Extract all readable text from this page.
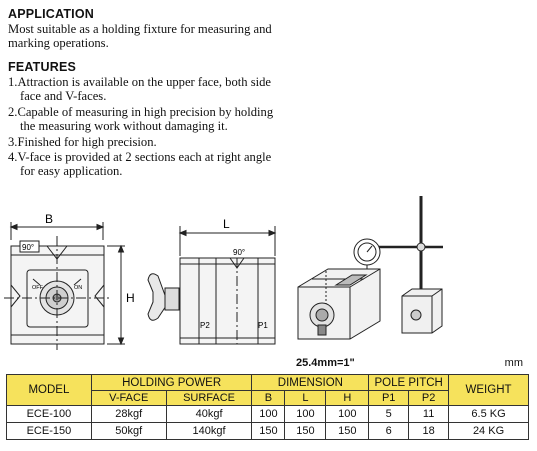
APPLICATION

Most suitable as a holding fixture for measuring and marking operations.

FEATURES

1.Attraction is available on the upper face, both side face and V-faces.

2.Capable of measuring in high precision by holding the measuring work without damaging it.

3.Finished for high precision.

4.V-face is provided at 2 sections each at right angle for easy application.

B
90°
OFF	ON
H
L
90°
P2	P1
25.4mm=1"	mm
MODEL	HOLDING POWER		DIMENSION			POLE PITCH		WEIGHT
	V-FACE	SURFACE	B	L	H	P1	P2	
ECE-100	28kgf	40kgf	100	100	100	5	11	6.5 KG
ECE-150	50kgf	140kgf	150	150	150	6	18	24 KG
